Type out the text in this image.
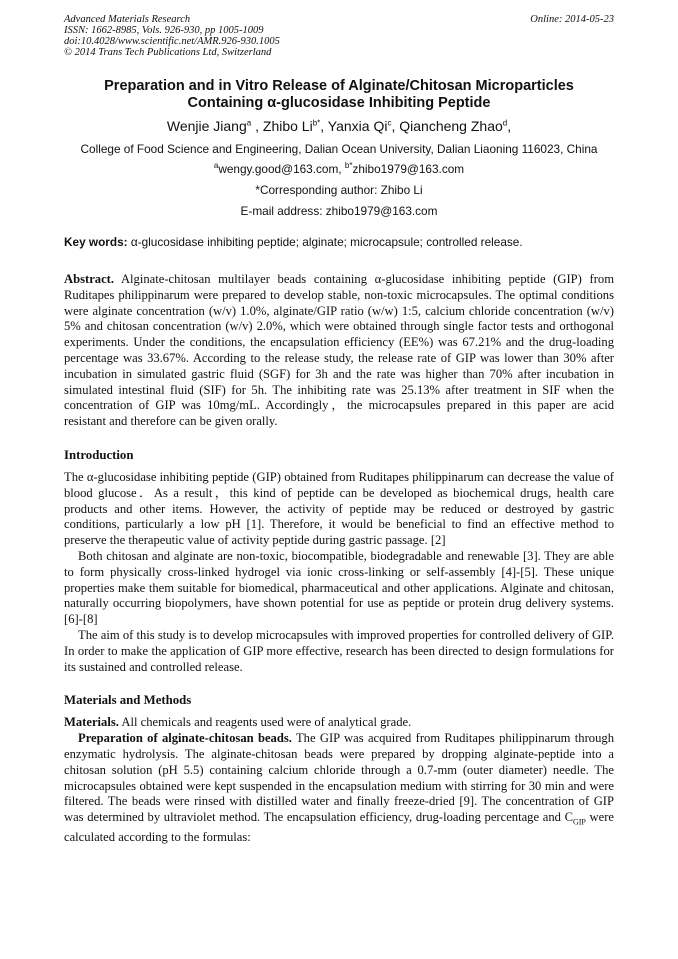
Advanced Materials Research
ISSN: 1662-8985, Vols. 926-930, pp 1005-1009
doi:10.4028/www.scientific.net/AMR.926-930.1005
© 2014 Trans Tech Publications Ltd, Switzerland
Online: 2014-05-23
Preparation and in Vitro Release of Alginate/Chitosan Microparticles
Containing α-glucosidase Inhibiting Peptide
Wenjie Jiang$^a$ , Zhibo $Li^{b*}$, Yanxia Qi$^c$, Qiancheng Zhao$^d$,
College of Food Science and Engineering, Dalian Ocean University, Dalian Liaoning 116023, China
$^a$wengy.good@163.com, $^{b*}$zhibo1979@163.com
*Corresponding author: Zhibo Li
E-mail address: zhibo1979@163.com
Key words: α-glucosidase inhibiting peptide; alginate; microcapsule; controlled release.

Abstract. Alginate-chitosan multilayer beads containing α-glucosidase inhibiting peptide (GIP) from Ruditapes philippinarum were prepared to develop stable, non-toxic microcapsules. The optimal conditions were alginate concentration (w/v) 1.0%, alginate/GIP ratio (w/w) 1:5, calcium chloride concentration (w/v) 5% and chitosan concentration (w/v) 2.0%, which were obtained through single factor tests and orthogonal experiments. Under the conditions, the encapsulation efficiency (EE%) was 67.21% and the drug-loading percentage was 33.67%. According to the release study, the release rate of GIP was lower than 30% after incubation in simulated gastric fluid (SGF) for 3h and the rate was higher than 70% after incubation in simulated intestinal fluid (SIF) for 5h. The inhibiting rate was 25.13% after treatment in SIF when the concentration of GIP was 10mg/mL. Accordingly，the microcapsules prepared in this paper are acid resistant and therefore can be given orally.

Introduction

The α-glucosidase inhibiting peptide (GIP) obtained from Ruditapes philippinarum can decrease the value of blood glucose．As a result，this kind of peptide can be developed as biochemical drugs, health care products and other items. However, the activity of peptide may be reduced or destroyed by gastric conditions, particularly a low pH [1]. Therefore, it would be beneficial to find an effective method to preserve the therapeutic value of activity peptide during gastric passage. [2]

Both chitosan and alginate are non-toxic, biocompatible, biodegradable and renewable [3]. They are able to form physically cross-linked hydrogel via ionic cross-linking or self-assembly [4]-[5]. These unique properties make them suitable for biomedical, pharmaceutical and other applications. Alginate and chitosan, naturally occurring biopolymers, have shown potential for use as peptide or protein drug delivery systems. [6]-[8]

The aim of this study is to develop microcapsules with improved properties for controlled delivery of GIP. In order to make the application of GIP more effective, research has been directed to design formulations for its sustained and controlled release.

Materials and Methods

Materials. All chemicals and reagents used were of analytical grade.

Preparation of alginate-chitosan beads. The GIP was acquired from Ruditapes philippinarum through enzymatic hydrolysis. The alginate-chitosan beads were prepared by dropping alginate-peptide into a chitosan solution (pH 5.5) containing calcium chloride through a 0.7-mm (outer diameter) needle. The microcapsules obtained were kept suspended in the encapsulation medium with stirring for 30 min and were filtered. The beads were rinsed with distilled water and finally freeze-dried [9]. The concentration of GIP was determined by ultraviolet method. The encapsulation efficiency, drug-loading percentage and $C_{GIP}$ were calculated according to the formulas:
